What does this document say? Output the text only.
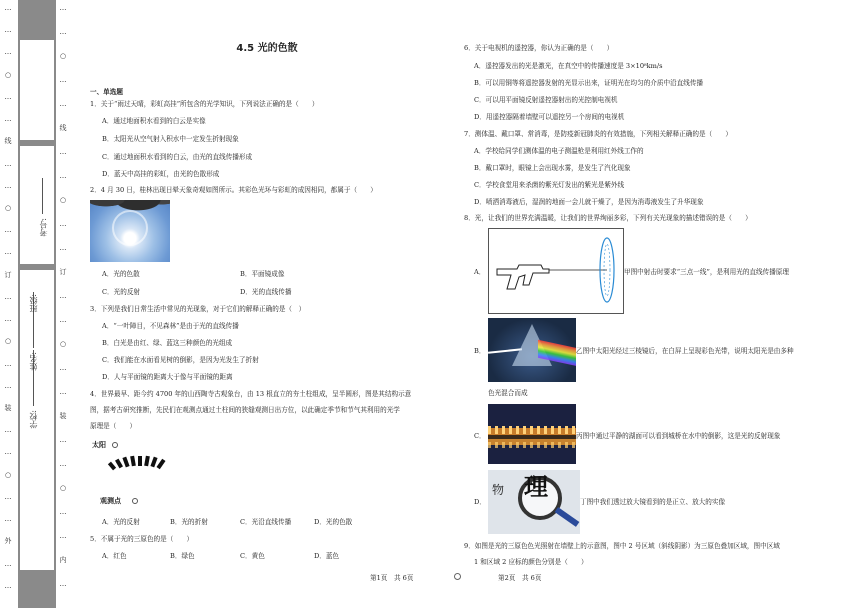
…
…
…
○
…
…
线
…
…
○
…
…
订
…
…
○
…
…
装
…
…
○
…
…
外
…
…
学校:
姓名:
班级:
…
…
○
…
…
线
…
…
○
…
…
订
…
…
○
…
…
装
…
…
○
…
…
内
…
考号:
4.5 光的色散
一、单选题
1．关于“雨过天晴，彩虹高挂”所包含的光学知识，下列说法正确的是（　　）
A．通过地面积水看到的白云是实像
B．太阳光从空气射入积水中一定发生折射现象
C．通过地面积水看到的白云，由光的直线传播形成
D．蓝天中高挂的彩虹，由光的色散形成
2．4 月 30 日，桂林出现日晕天象奇观如图所示。其彩色光环与彩虹的成因相同，都属于（　　）
A．光的色散	B．平面镜成像
C．光的反射	D．光的直线传播
3．下列是我们日常生活中常见的光现象，对于它们的解释正确的是（　）
A．“一叶障目，不见森林”是由于光的直线传播
B．白光是由红、绿、蓝这三种颜色的光组成
C．我们能在水面看见树的倒影，是因为光发生了折射
D．人与平面镜的距离大于像与平面镜的距离
4．世界最早、距今约 4700 年的山西陶寺古观象台，由 13 根直立的夯土柱组成，呈半圆形，图是其结构示意
图，据考古研究推断，先民们在观测点通过土柱间的狭缝观测日出方位，以此确定季节和节气其利用的光学
原理是（　　）
太阳
观测点
A．光的反射	B．光的折射	C．光沿直线传播	D．光的色散
5．不属于光的三原色的是（　　）
A．红色	B．绿色	C．黄色	D．蓝色
第1页　共 6页
6．关于电视机的遥控器，你认为正确的是（　　）
A．遥控器发出的光是激光，在真空中的传播速度是 3×10⁸km/s
B．可以用铜等将遥控器发射的光显示出来，证明光在均匀的介质中沿直线传播
C．可以用平面镜反射遥控器射出的光控制电视机
D．用遥控器隔着墙壁可以遥控另一个房间的电视机
7．测体温、戴口罩、常消毒，是防疫新冠肺炎的有效措施，下列相关解释正确的是（　　）
A．学校给同学们测体温的电子测温枪是利用红外线工作的
B．戴口罩时，眼镜上会出现水雾，是发生了汽化现象
C．学校食堂用来杀菌的紫光灯发出的紫光是紫外线
D．喷洒消毒液后，湿润的地面一会儿就干燥了，是因为消毒液发生了升华现象
8．光，让我们的世界充满温暖，让我们的世界绚丽多彩，下列有关光现象的描述错误的是（　　）
A．	甲图中射击时要求“三点一线”，是利用光的直线传播原理
B．	乙图中太阳光经过三棱镜后，在白屏上呈现彩色光带，说明太阳光是由多种
色光混合而成
C．	丙图中通过平静的湖面可以看到城桥在水中的倒影，这是光的反射现象
D．
物 理
丁图中我们透过放大镜看到的是正立、放大的实像
9．如图是光的三原色色光照射在墙壁上的示意图，图中 2 号区域（斜线阴影）为三原色叠加区域，图中区域
1 和区域 2 应标的颜色分别是（　　）
第2页　共 6页
